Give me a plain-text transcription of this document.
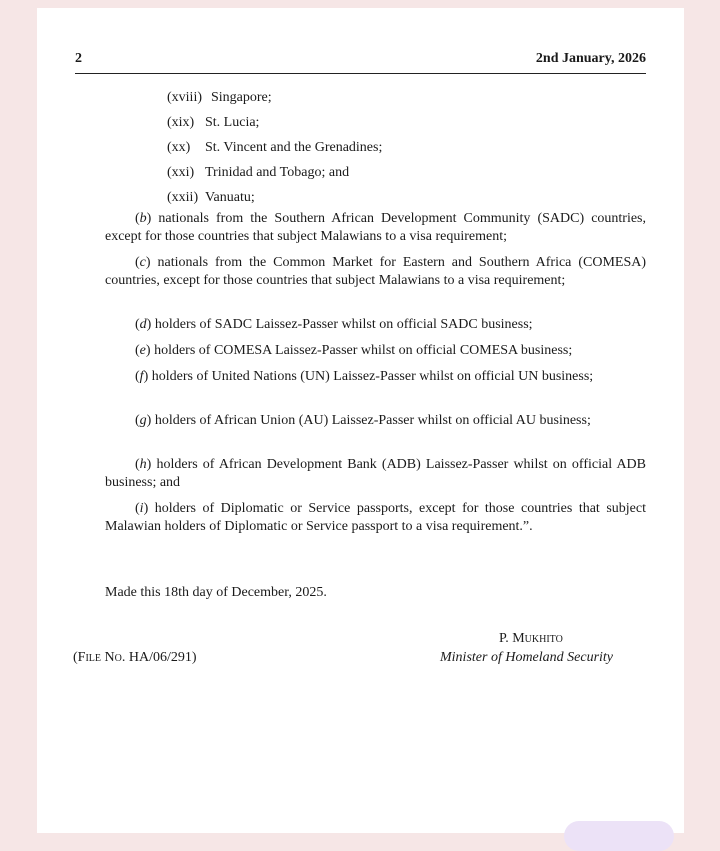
2	2nd January, 2026
(xviii) Singapore;
(xix) St. Lucia;
(xx) St. Vincent and the Grenadines;
(xxi) Trinidad and Tobago; and
(xxii) Vanuatu;
(b) nationals from the Southern African Development Community (SADC) countries, except for those countries that subject Malawians to a visa requirement;
(c) nationals from the Common Market for Eastern and Southern Africa (COMESA) countries, except for those countries that subject Malawians to a visa requirement;
(d) holders of SADC Laissez-Passer whilst on official SADC business;
(e) holders of COMESA Laissez-Passer whilst on official COMESA business;
(f) holders of United Nations (UN) Laissez-Passer whilst on official UN business;
(g) holders of African Union (AU) Laissez-Passer whilst on official AU business;
(h) holders of African Development Bank (ADB) Laissez-Passer whilst on official ADB business; and
(i) holders of Diplomatic or Service passports, except for those countries that subject Malawian holders of Diplomatic or Service passport to a visa requirement.”.
Made this 18th day of December, 2025.
P. Mukhito
(File No. HA/06/291)	Minister of Homeland Security
